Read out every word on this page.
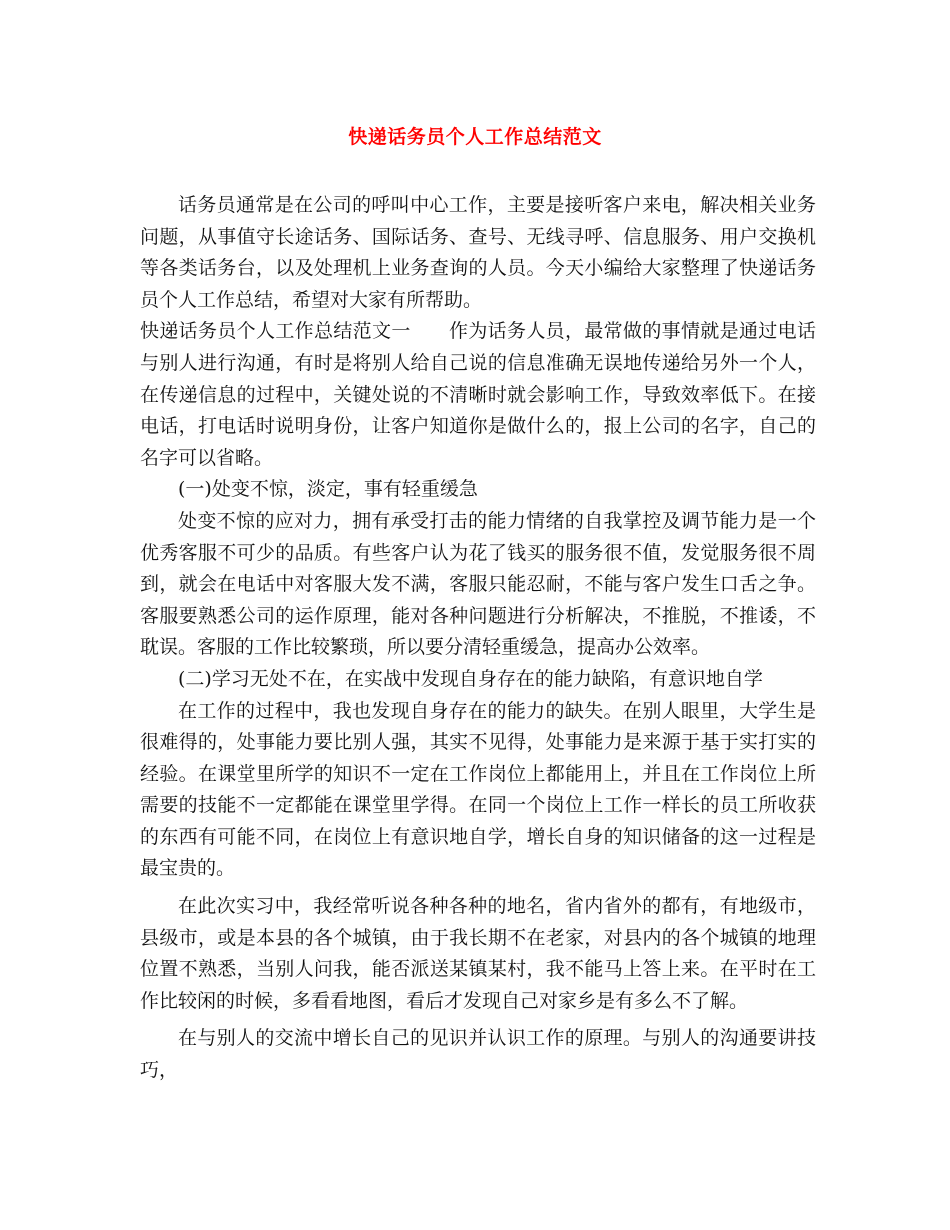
快递话务员个人工作总结范文

话务员通常是在公司的呼叫中心工作，主要是接听客户来电，解决相关业务问题，从事值守长途话务、国际话务、查号、无线寻呼、信息服务、用户交换机等各类话务台，以及处理机上业务查询的人员。今天小编给大家整理了快递话务员个人工作总结，希望对大家有所帮助。

快递话务员个人工作总结范文一 作为话务人员，最常做的事情就是通过电话与别人进行沟通，有时是将别人给自己说的信息准确无误地传递给另外一个人，在传递信息的过程中，关键处说的不清晰时就会影响工作，导致效率低下。在接电话，打电话时说明身份，让客户知道你是做什么的，报上公司的名字，自己的名字可以省略。

(一)处变不惊，淡定，事有轻重缓急

处变不惊的应对力，拥有承受打击的能力情绪的自我掌控及调节能力是一个优秀客服不可少的品质。有些客户认为花了钱买的服务很不值，发觉服务很不周到，就会在电话中对客服大发不满，客服只能忍耐，不能与客户发生口舌之争。客服要熟悉公司的运作原理，能对各种问题进行分析解决，不推脱，不推诿，不耽误。客服的工作比较繁琐，所以要分清轻重缓急，提高办公效率。

(二)学习无处不在，在实战中发现自身存在的能力缺陷，有意识地自学

在工作的过程中，我也发现自身存在的能力的缺失。在别人眼里，大学生是很难得的，处事能力要比别人强，其实不见得，处事能力是来源于基于实打实的经验。在课堂里所学的知识不一定在工作岗位上都能用上，并且在工作岗位上所需要的技能不一定都能在课堂里学得。在同一个岗位上工作一样长的员工所收获的东西有可能不同，在岗位上有意识地自学，增长自身的知识储备的这一过程是最宝贵的。

在此次实习中，我经常听说各种各种的地名，省内省外的都有，有地级市，县级市，或是本县的各个城镇，由于我长期不在老家，对县内的各个城镇的地理位置不熟悉，当别人问我，能否派送某镇某村，我不能马上答上来。在平时在工作比较闲的时候，多看看地图，看后才发现自己对家乡是有多么不了解。

在与别人的交流中增长自己的见识并认识工作的原理。与别人的沟通要讲技巧，
